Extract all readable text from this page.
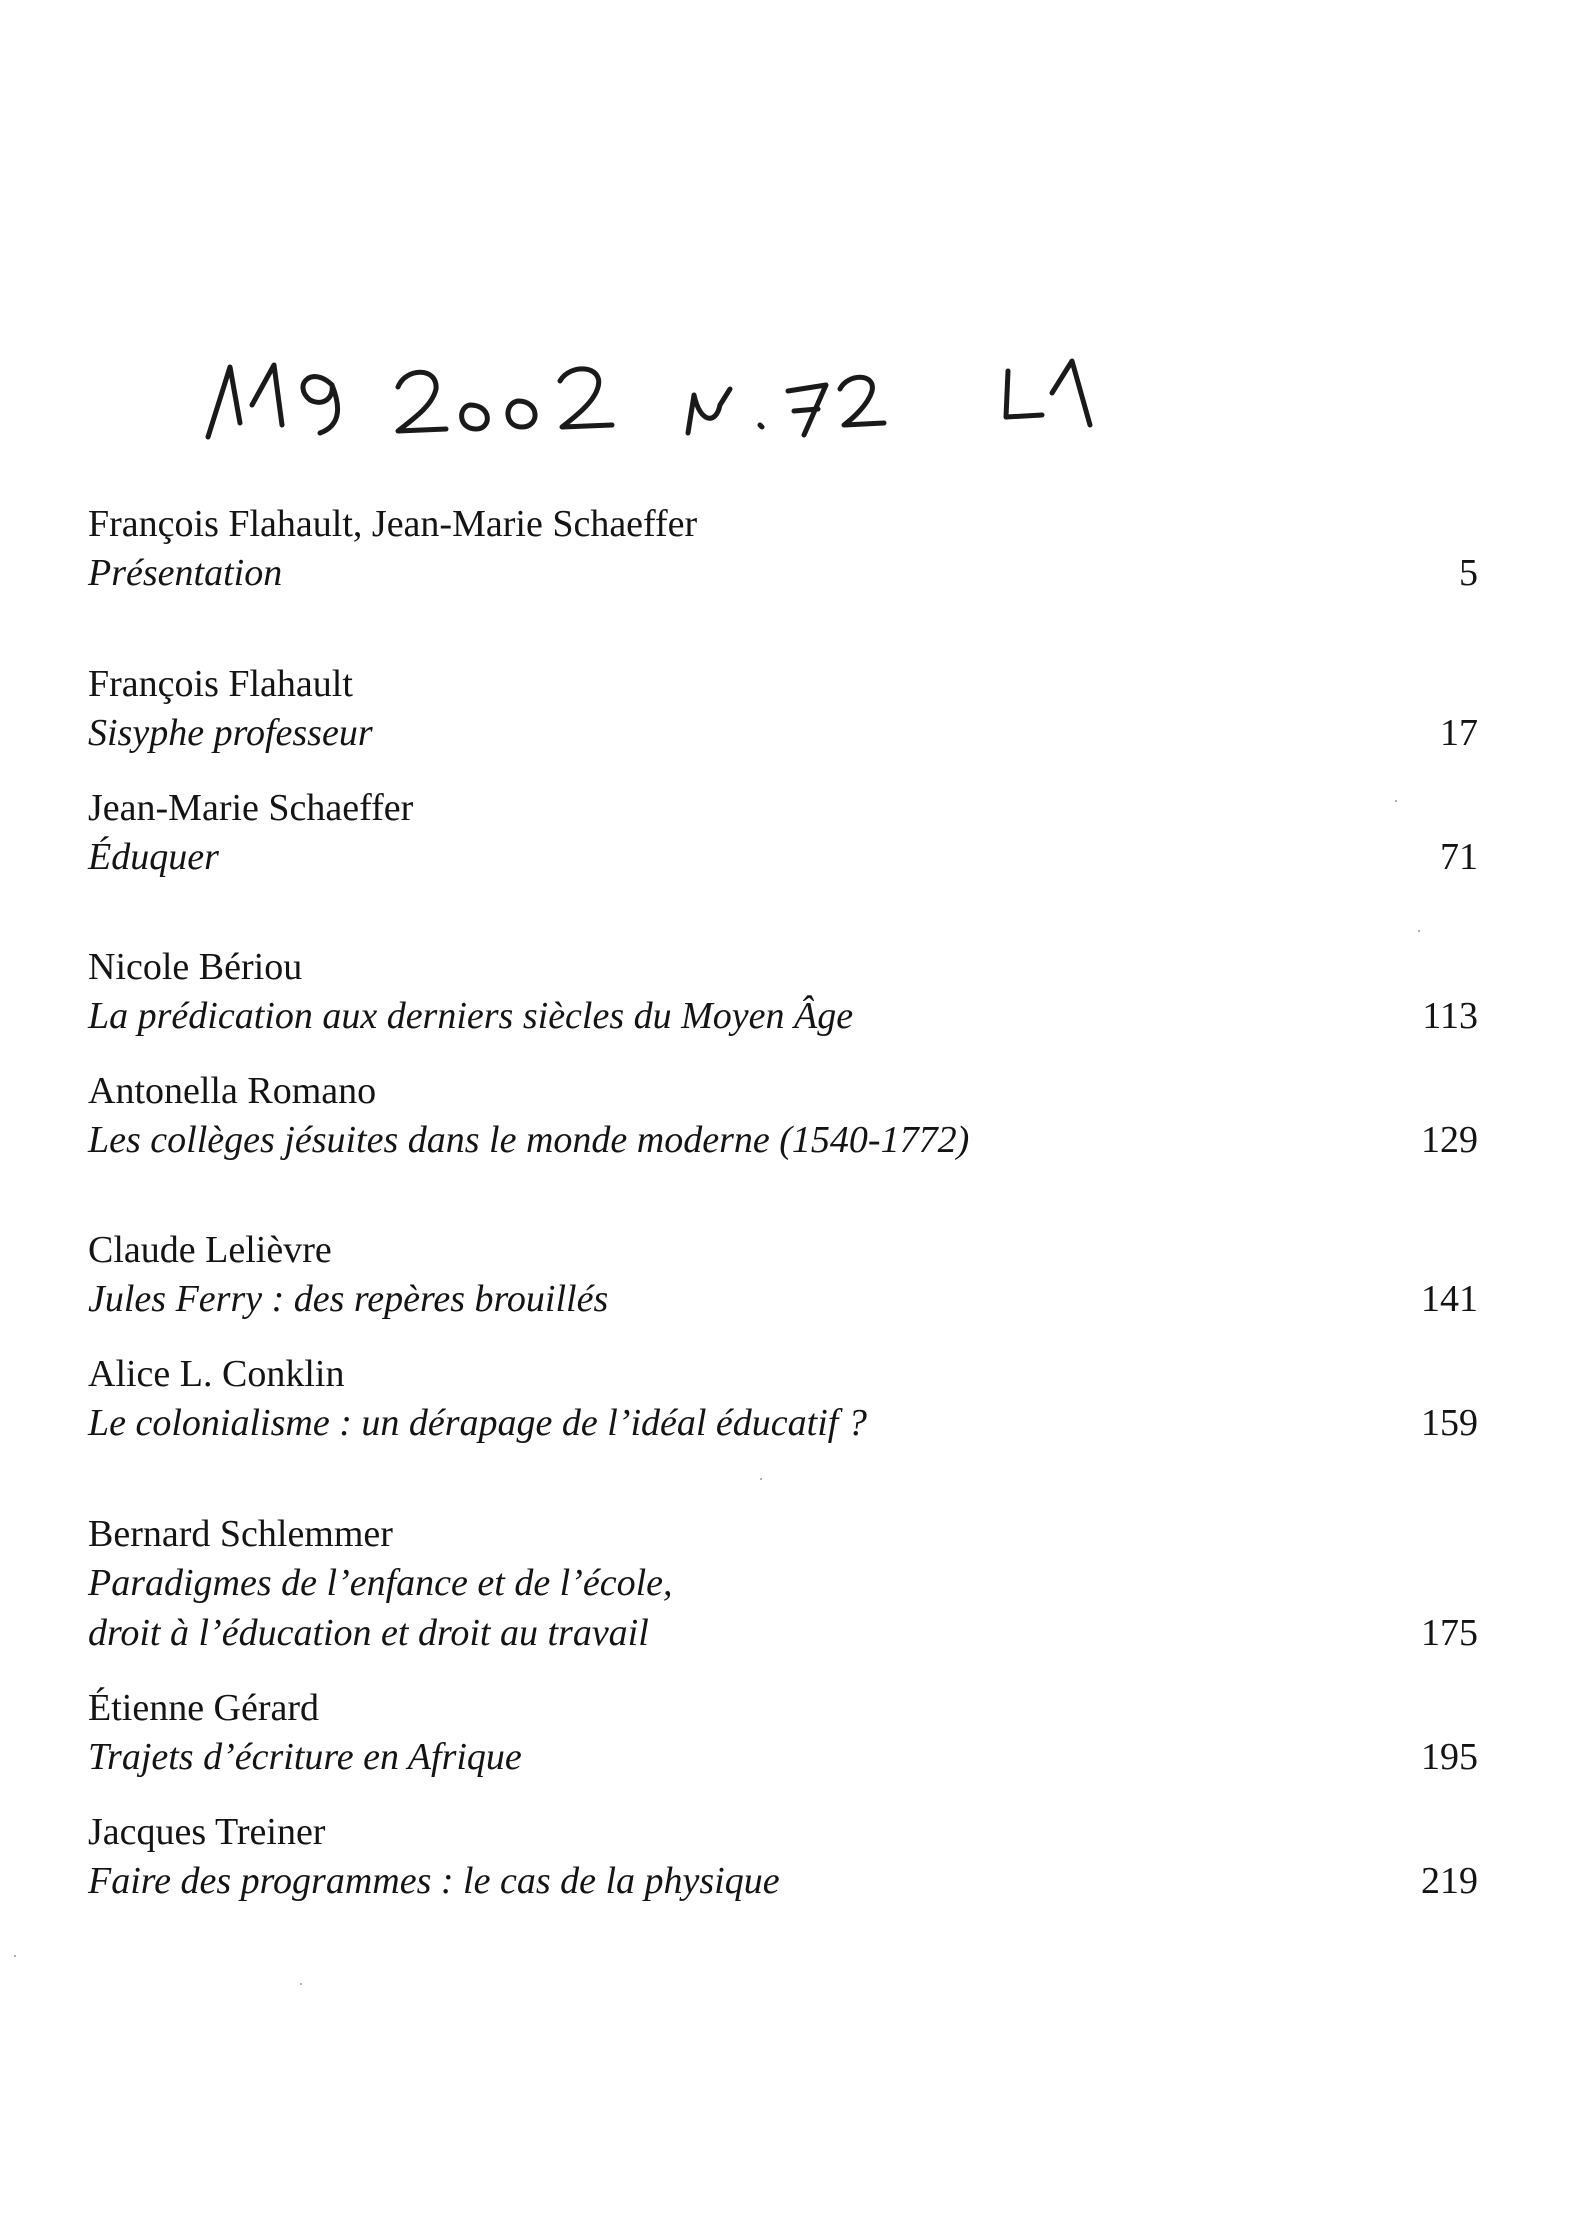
François Flahault, Jean-Marie Schaeffer
Présentation	5
François Flahault
Sisyphe professeur	17
Jean-Marie Schaeffer
Éduquer	71
Nicole Bériou
La prédication aux derniers siècles du Moyen Âge	113
Antonella Romano
Les collèges jésuites dans le monde moderne (1540-1772)	129
Claude Lelièvre
Jules Ferry : des repères brouillés	141
Alice L. Conklin
Le colonialisme : un dérapage de l’idéal éducatif ?	159
Bernard Schlemmer
Paradigmes de l’enfance et de l’école,
droit à l’éducation et droit au travail	175
Étienne Gérard
Trajets d’écriture en Afrique	195
Jacques Treiner
Faire des programmes : le cas de la physique	219
